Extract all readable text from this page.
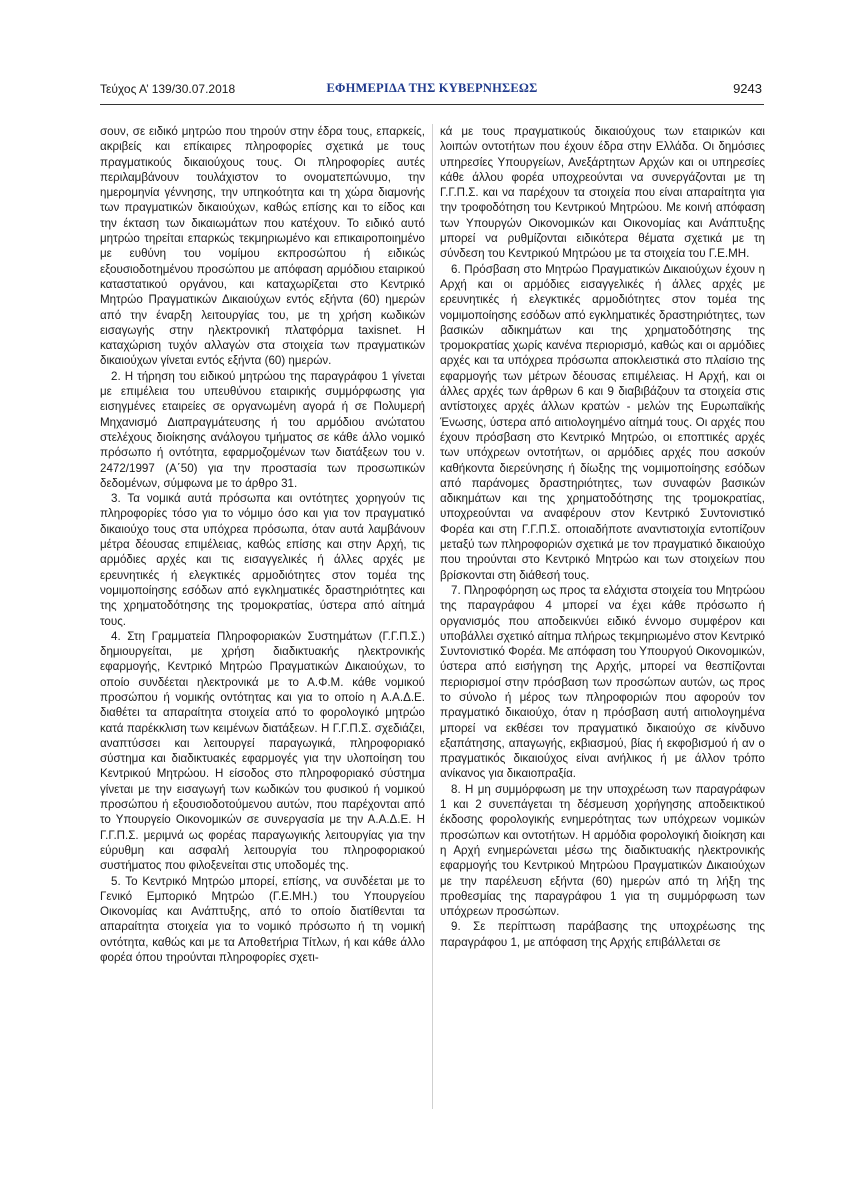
Τεύχος Α’ 139/30.07.2018	ΕΦΗΜΕΡΙΔΑ ΤΗΣ ΚΥΒΕΡΝΗΣΕΩΣ	9243

σουν, σε ειδικό μητρώο που τηρούν στην έδρα τους, επαρκείς, ακριβείς και επίκαιρες πληροφορίες σχετικά με τους πραγματικούς δικαιούχους τους. Οι πληροφορίες αυτές περιλαμβάνουν τουλάχιστον το ονοματεπώνυμο, την ημερομηνία γέννησης, την υπηκοότητα και τη χώρα διαμονής των πραγματικών δικαιούχων, καθώς επίσης και το είδος και την έκταση των δικαιωμάτων που κατέχουν. Το ειδικό αυτό μητρώο τηρείται επαρκώς τεκμηριωμένο και επικαιροποιημένο με ευθύνη του νομίμου εκπροσώπου ή ειδικώς εξουσιοδοτημένου προσώπου με απόφαση αρμόδιου εταιρικού καταστατικού οργάνου, και καταχωρίζεται στο Κεντρικό Μητρώο Πραγματικών Δικαιούχων εντός εξήντα (60) ημερών από την έναρξη λειτουργίας του, με τη χρήση κωδικών εισαγωγής στην ηλεκτρονική πλατφόρμα taxisnet. Η καταχώριση τυχόν αλλαγών στα στοιχεία των πραγματικών δικαιούχων γίνεται εντός εξήντα (60) ημερών.

2. Η τήρηση του ειδικού μητρώου της παραγράφου 1 γίνεται με επιμέλεια του υπευθύνου εταιρικής συμμόρφωσης για εισηγμένες εταιρείες σε οργανωμένη αγορά ή σε Πολυμερή Μηχανισμό Διαπραγμάτευσης ή του αρμόδιου ανώτατου στελέχους διοίκησης ανάλογου τμήματος σε κάθε άλλο νομικό πρόσωπο ή οντότητα, εφαρμοζομένων των διατάξεων του ν. 2472/1997 (Α΄50) για την προστασία των προσωπικών δεδομένων, σύμφωνα με το άρθρο 31.

3. Τα νομικά αυτά πρόσωπα και οντότητες χορηγούν τις πληροφορίες τόσο για το νόμιμο όσο και για τον πραγματικό δικαιούχο τους στα υπόχρεα πρόσωπα, όταν αυτά λαμβάνουν μέτρα δέουσας επιμέλειας, καθώς επίσης και στην Αρχή, τις αρμόδιες αρχές και τις εισαγγελικές ή άλλες αρχές με ερευνητικές ή ελεγκτικές αρμοδιότητες στον τομέα της νομιμοποίησης εσόδων από εγκληματικές δραστηριότητες και της χρηματοδότησης της τρομοκρατίας, ύστερα από αίτημά τους.

4. Στη Γραμματεία Πληροφοριακών Συστημάτων (Γ.Γ.Π.Σ.) δημιουργείται, με χρήση διαδικτυακής ηλεκτρονικής εφαρμογής, Κεντρικό Μητρώο Πραγματικών Δικαιούχων, το οποίο συνδέεται ηλεκτρονικά με το Α.Φ.Μ. κάθε νομικού προσώπου ή νομικής οντότητας και για το οποίο η Α.Α.Δ.Ε. διαθέτει τα απαραίτητα στοιχεία από το φορολογικό μητρώο κατά παρέκκλιση των κειμένων διατάξεων. Η Γ.Γ.Π.Σ. σχεδιάζει, αναπτύσσει και λειτουργεί παραγωγικά, πληροφοριακό σύστημα και διαδικτυακές εφαρμογές για την υλοποίηση του Κεντρικού Μητρώου. Η είσοδος στο πληροφοριακό σύστημα γίνεται με την εισαγωγή των κωδικών του φυσικού ή νομικού προσώπου ή εξουσιοδοτούμενου αυτών, που παρέχονται από το Υπουργείο Οικονομικών σε συνεργασία με την Α.Α.Δ.Ε. Η Γ.Γ.Π.Σ. μεριμνά ως φορέας παραγωγικής λειτουργίας για την εύρυθμη και ασφαλή λειτουργία του πληροφοριακού συστήματος που φιλοξενείται στις υποδομές της.

5. Το Κεντρικό Μητρώο μπορεί, επίσης, να συνδέεται με το Γενικό Εμπορικό Μητρώο (Γ.Ε.ΜΗ.) του Υπουργείου Οικονομίας και Ανάπτυξης, από το οποίο διατίθενται τα απαραίτητα στοιχεία για το νομικό πρόσωπο ή τη νομική οντότητα, καθώς και με τα Αποθετήρια Τίτλων, ή και κάθε άλλο φορέα όπου τηρούνται πληροφορίες σχετι-

κά με τους πραγματικούς δικαιούχους των εταιρικών και λοιπών οντοτήτων που έχουν έδρα στην Ελλάδα. Οι δημόσιες υπηρεσίες Υπουργείων, Ανεξάρτητων Αρχών και οι υπηρεσίες κάθε άλλου φορέα υποχρεούνται να συνεργάζονται με τη Γ.Γ.Π.Σ. και να παρέχουν τα στοιχεία που είναι απαραίτητα για την τροφοδότηση του Κεντρικού Μητρώου. Με κοινή απόφαση των Υπουργών Οικονομικών και Οικονομίας και Ανάπτυξης μπορεί να ρυθμίζονται ειδικότερα θέματα σχετικά με τη σύνδεση του Κεντρικού Μητρώου με τα στοιχεία του Γ.Ε.ΜΗ.

6. Πρόσβαση στο Μητρώο Πραγματικών Δικαιούχων έχουν η Αρχή και οι αρμόδιες εισαγγελικές ή άλλες αρχές με ερευνητικές ή ελεγκτικές αρμοδιότητες στον τομέα της νομιμοποίησης εσόδων από εγκληματικές δραστηριότητες, των βασικών αδικημάτων και της χρηματοδότησης της τρομοκρατίας χωρίς κανένα περιορισμό, καθώς και οι αρμόδιες αρχές και τα υπόχρεα πρόσωπα αποκλειστικά στο πλαίσιο της εφαρμογής των μέτρων δέουσας επιμέλειας. Η Αρχή, και οι άλλες αρχές των άρθρων 6 και 9 διαβιβάζουν τα στοιχεία στις αντίστοιχες αρχές άλλων κρατών - μελών της Ευρωπαϊκής Ένωσης, ύστερα από αιτιολογημένο αίτημά τους. Οι αρχές που έχουν πρόσβαση στο Κεντρικό Μητρώο, οι εποπτικές αρχές των υπόχρεων οντοτήτων, οι αρμόδιες αρχές που ασκούν καθήκοντα διερεύνησης ή δίωξης της νομιμοποίησης εσόδων από παράνομες δραστηριότητες, των συναφών βασικών αδικημάτων και της χρηματοδότησης της τρομοκρατίας, υποχρεούνται να αναφέρουν στον Κεντρικό Συντονιστικό Φορέα και στη Γ.Γ.Π.Σ. οποιαδήποτε αναντιστοιχία εντοπίζουν μεταξύ των πληροφοριών σχετικά με τον πραγματικό δικαιούχο που τηρούνται στο Κεντρικό Μητρώο και των στοιχείων που βρίσκονται στη διάθεσή τους.

7. Πληροφόρηση ως προς τα ελάχιστα στοιχεία του Μητρώου της παραγράφου 4 μπορεί να έχει κάθε πρόσωπο ή οργανισμός που αποδεικνύει ειδικό έννομο συμφέρον και υποβάλλει σχετικό αίτημα πλήρως τεκμηριωμένο στον Κεντρικό Συντονιστικό Φορέα. Με απόφαση του Υπουργού Οικονομικών, ύστερα από εισήγηση της Αρχής, μπορεί να θεσπίζονται περιορισμοί στην πρόσβαση των προσώπων αυτών, ως προς το σύνολο ή μέρος των πληροφοριών που αφορούν τον πραγματικό δικαιούχο, όταν η πρόσβαση αυτή αιτιολογημένα μπορεί να εκθέσει τον πραγματικό δικαιούχο σε κίνδυνο εξαπάτησης, απαγωγής, εκβιασμού, βίας ή εκφοβισμού ή αν ο πραγματικός δικαιούχος είναι ανήλικος ή με άλλον τρόπο ανίκανος για δικαιοπραξία.

8. Η μη συμμόρφωση με την υποχρέωση των παραγράφων 1 και 2 συνεπάγεται τη δέσμευση χορήγησης αποδεικτικού έκδοσης φορολογικής ενημερότητας των υπόχρεων νομικών προσώπων και οντοτήτων. Η αρμόδια φορολογική διοίκηση και η Αρχή ενημερώνεται μέσω της διαδικτυακής ηλεκτρονικής εφαρμογής του Κεντρικού Μητρώου Πραγματικών Δικαιούχων με την παρέλευση εξήντα (60) ημερών από τη λήξη της προθεσμίας της παραγράφου 1 για τη συμμόρφωση των υπόχρεων προσώπων.

9. Σε περίπτωση παράβασης της υποχρέωσης της παραγράφου 1, με απόφαση της Αρχής επιβάλλεται σε
